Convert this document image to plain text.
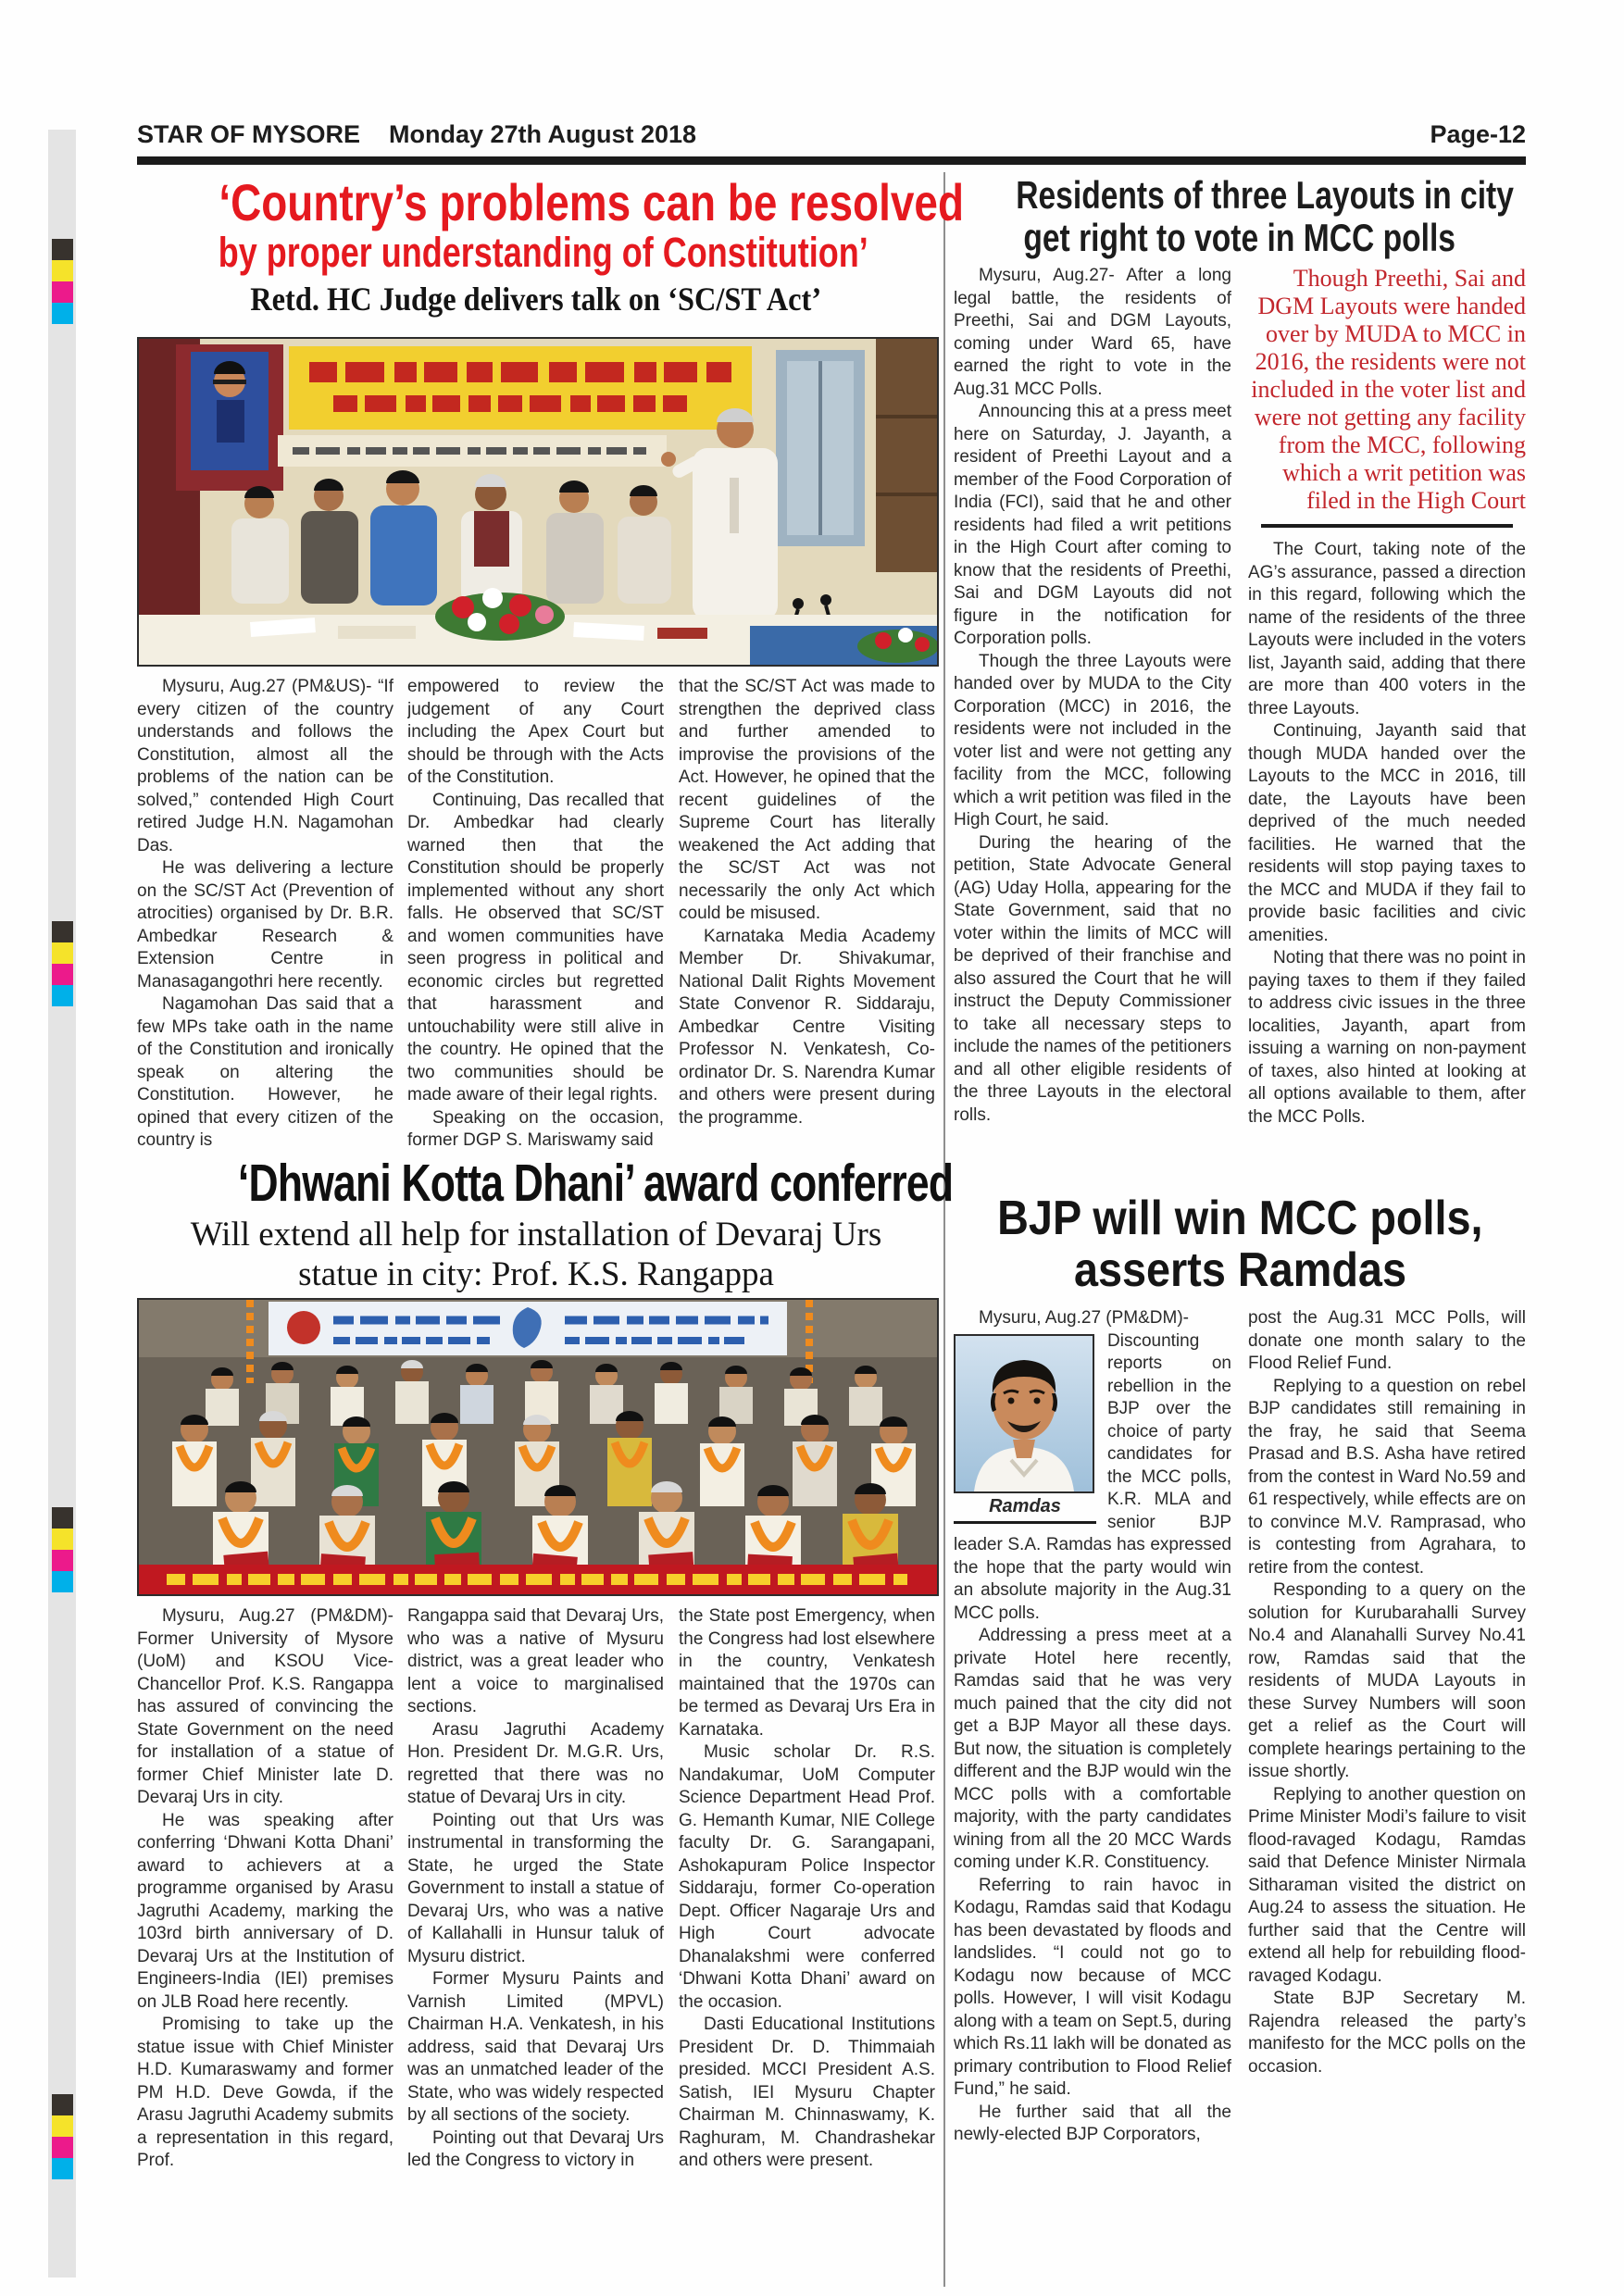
STAR OF MYSORE Monday 27th August 2018	Page-12
‘Country’s problems can be resolved
by proper understanding of Constitution’
Retd. HC Judge delivers talk on ‘SC/ST Act’

Mysuru, Aug.27 (PM&US)- “If every citizen of the country understands and follows the Constitution, almost all the problems of the nation can be solved,” contended High Court retired Judge H.N. Nagamohan Das.

He was delivering a lecture on the SC/ST Act (Prevention of atrocities) organised by Dr. B.R. Ambedkar Research & Extension Centre in Manasagangothri here recently.

Nagamohan Das said that a few MPs take oath in the name of the Constitution and ironically speak on altering the Constitution. However, he opined that every citizen of the country is

empowered to review the judgement of any Court including the Apex Court but should be through with the Acts of the Constitution.

Continuing, Das recalled that Dr. Ambedkar had clearly warned then that the Constitution should be properly implemented without any short falls. He observed that SC/ST and women communities have seen progress in political and economic circles but regretted that harassment and untouchability were still alive in the country. He opined that the two communities should be made aware of their legal rights.

Speaking on the occasion, former DGP S. Mariswamy said

that the SC/ST Act was made to strengthen the deprived class and further amended to improvise the provisions of the Act. However, he opined that the recent guidelines of the Supreme Court has literally weakened the Act adding that the SC/ST Act was not necessarily the only Act which could be misused.

Karnataka Media Academy Member Dr. Shivakumar, National Dalit Rights Movement State Convenor R. Siddaraju, Ambedkar Centre Visiting Professor N. Venkatesh, Co-ordinator Dr. S. Narendra Kumar and others were present during the programme.

Residents of three Layouts in city
get right to vote in MCC polls

Mysuru, Aug.27- After a long legal battle, the residents of Preethi, Sai and DGM Layouts, coming under Ward 65, have earned the right to vote in the Aug.31 MCC Polls.

Announcing this at a press meet here on Saturday, J. Jayanth, a resident of Preethi Layout and a member of the Food Corporation of India (FCI), said that he and other residents had filed a writ petitions in the High Court after coming to know that the residents of Preethi, Sai and DGM Layouts did not figure in the notification for Corporation polls.

Though the three Layouts were handed over by MUDA to the City Corporation (MCC) in 2016, the residents were not included in the voter list and were not getting any facility from the MCC, following which a writ petition was filed in the High Court, he said.

During the hearing of the petition, State Advocate General (AG) Uday Holla, appearing for the State Government, said that no voter within the limits of MCC will be deprived of their franchise and also assured the Court that he will instruct the Deputy Commissioner to take all necessary steps to include the names of the petitioners and all other eligible residents of the three Layouts in the electoral rolls.

Though Preethi, Sai and DGM Layouts were handed over by MUDA to MCC in 2016, the residents were not included in the voter list and were not getting any facility from the MCC, following which a writ petition was filed in the High Court

The Court, taking note of the AG’s assurance, passed a direction in this regard, following which the name of the residents of the three Layouts were included in the voters list, Jayanth said, adding that there are more than 400 voters in the three Layouts.

Continuing, Jayanth said that though MUDA handed over the Layouts to the MCC in 2016, till date, the Layouts have been deprived of the much needed facilities. He warned that the residents will stop paying taxes to the MCC and MUDA if they fail to provide basic facilities and civic amenities.

Noting that there was no point in paying taxes to them if they failed to address civic issues in the three localities, Jayanth, apart from issuing a warning on non-payment of taxes, also hinted at looking at all options available to them, after the MCC Polls.

‘Dhwani Kotta Dhani’ award conferred
Will extend all help for installation of Devaraj Urs
statue in city: Prof. K.S. Rangappa

Mysuru, Aug.27 (PM&DM)- Former University of Mysore (UoM) and KSOU Vice-Chancellor Prof. K.S. Rangappa has assured of convincing the State Government on the need for installation of a statue of former Chief Minister late D. Devaraj Urs in city.

He was speaking after conferring ‘Dhwani Kotta Dhani’ award to achievers at a programme organised by Arasu Jagruthi Academy, marking the 103rd birth anniversary of D. Devaraj Urs at the Institution of Engineers-India (IEI) premises on JLB Road here recently.

Promising to take up the statue issue with Chief Minister H.D. Kumaraswamy and former PM H.D. Deve Gowda, if the Arasu Jagruthi Academy submits a representation in this regard, Prof.

Rangappa said that Devaraj Urs, who was a native of Mysuru district, was a great leader who lent a voice to marginalised sections.

Arasu Jagruthi Academy Hon. President Dr. M.G.R. Urs, regretted that there was no statue of Devaraj Urs in city.

Pointing out that Urs was instrumental in transforming the State, he urged the State Government to install a statue of Devaraj Urs, who was a native of Kallahalli in Hunsur taluk of Mysuru district.

Former Mysuru Paints and Varnish Limited (MPVL) Chairman H.A. Venkatesh, in his address, said that Devaraj Urs was an unmatched leader of the State, who was widely respected by all sections of the society.

Pointing out that Devaraj Urs led the Congress to victory in

the State post Emergency, when the Congress had lost elsewhere in the country, Venkatesh maintained that the 1970s can be termed as Devaraj Urs Era in Karnataka.

Music scholar Dr. R.S. Nandakumar, UoM Computer Science Department Head Prof. G. Hemanth Kumar, NIE College faculty Dr. G. Sarangapani, Ashokapuram Police Inspector Siddaraju, former Co-operation Dept. Officer Nagaraje Urs and High Court advocate Dhanalakshmi were conferred ‘Dhwani Kotta Dhani’ award on the occasion.

Dasti Educational Institutions President Dr. D. Thimmaiah presided. MCCI President A.S. Satish, IEI Mysuru Chapter Chairman M. Chinnaswamy, K. Raghuram, M. Chandrashekar and others were present.

BJP will win MCC polls,
asserts Ramdas

Mysuru, Aug.27 (PM&DM)-

Ramdas

Discounting reports on rebellion in the BJP over the choice of party candidates for the MCC polls, K.R. MLA and senior BJP leader S.A. Ramdas has expressed the hope that the party would win an absolute majority in the Aug.31 MCC polls.

Addressing a press meet at a private Hotel here recently, Ramdas said that he was very much pained that the city did not get a BJP Mayor all these days. But now, the situation is completely different and the BJP would win the MCC polls with a comfortable majority, with the party candidates wining from all the 20 MCC Wards coming under K.R. Constituency.

Referring to rain havoc in Kodagu, Ramdas said that Kodagu has been devastated by floods and landslides. “I could not go to Kodagu now because of MCC polls. However, I will visit Kodagu along with a team on Sept.5, during which Rs.11 lakh will be donated as primary contribution to Flood Relief Fund,” he said.

He further said that all the newly-elected BJP Corporators,

post the Aug.31 MCC Polls, will donate one month salary to the Flood Relief Fund.

Replying to a question on rebel BJP candidates still remaining in the fray, he said that Seema Prasad and B.S. Asha have retired from the contest in Ward No.59 and 61 respectively, while effects are on to convince M.V. Ramprasad, who is contesting from Agrahara, to retire from the contest.

Responding to a query on the solution for Kurubarahalli Survey No.4 and Alanahalli Survey No.41 row, Ramdas said that the residents of MUDA Layouts in these Survey Numbers will soon get a relief as the Court will complete hearings pertaining to the issue shortly.

Replying to another question on Prime Minister Modi’s failure to visit flood-ravaged Kodagu, Ramdas said that Defence Minister Nirmala Sitharaman visited the district on Aug.24 to assess the situation. He further said that the Centre will extend all help for rebuilding flood-ravaged Kodagu.

State BJP Secretary M. Rajendra released the party’s manifesto for the MCC polls on the occasion.
